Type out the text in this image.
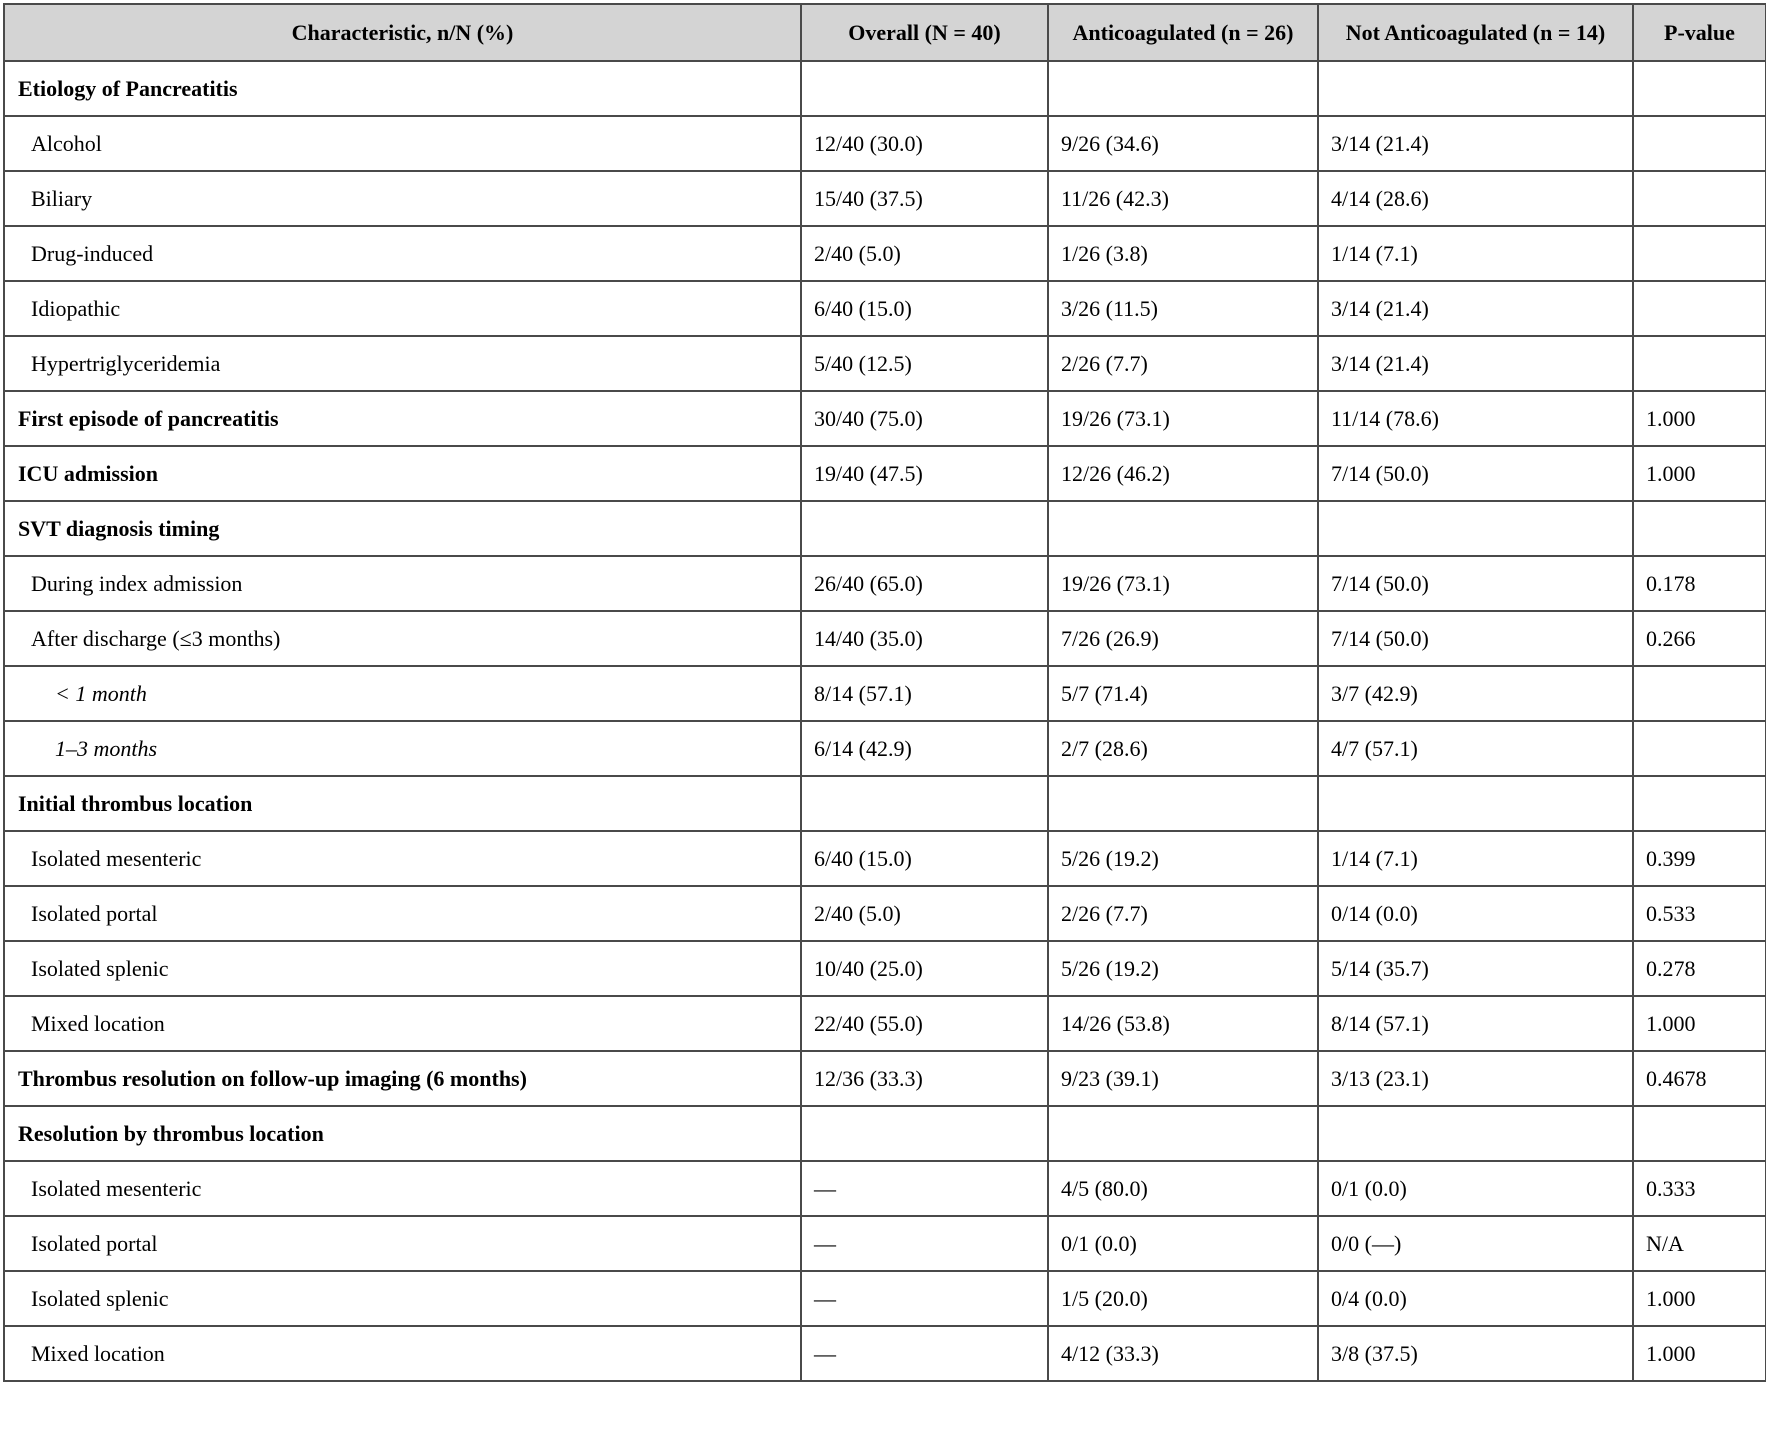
Characteristic, n/N (%)	Overall (N = 40)	Anticoagulated (n = 26)	Not Anticoagulated (n = 14)	P-value
Etiology of Pancreatitis				
Alcohol	12/40 (30.0)	9/26 (34.6)	3/14 (21.4)	
Biliary	15/40 (37.5)	11/26 (42.3)	4/14 (28.6)	
Drug-induced	2/40 (5.0)	1/26 (3.8)	1/14 (7.1)	
Idiopathic	6/40 (15.0)	3/26 (11.5)	3/14 (21.4)	
Hypertriglyceridemia	5/40 (12.5)	2/26 (7.7)	3/14 (21.4)	
First episode of pancreatitis	30/40 (75.0)	19/26 (73.1)	11/14 (78.6)	1.000
ICU admission	19/40 (47.5)	12/26 (46.2)	7/14 (50.0)	1.000
SVT diagnosis timing				
During index admission	26/40 (65.0)	19/26 (73.1)	7/14 (50.0)	0.178
After discharge (≤3 months)	14/40 (35.0)	7/26 (26.9)	7/14 (50.0)	0.266
< 1 month	8/14 (57.1)	5/7 (71.4)	3/7 (42.9)	
1–3 months	6/14 (42.9)	2/7 (28.6)	4/7 (57.1)	
Initial thrombus location				
Isolated mesenteric	6/40 (15.0)	5/26 (19.2)	1/14 (7.1)	0.399
Isolated portal	2/40 (5.0)	2/26 (7.7)	0/14 (0.0)	0.533
Isolated splenic	10/40 (25.0)	5/26 (19.2)	5/14 (35.7)	0.278
Mixed location	22/40 (55.0)	14/26 (53.8)	8/14 (57.1)	1.000
Thrombus resolution on follow-up imaging (6 months)	12/36 (33.3)	9/23 (39.1)	3/13 (23.1)	0.4678
Resolution by thrombus location				
Isolated mesenteric	—	4/5 (80.0)	0/1 (0.0)	0.333
Isolated portal	—	0/1 (0.0)	0/0 (—)	N/A
Isolated splenic	—	1/5 (20.0)	0/4 (0.0)	1.000
Mixed location	—	4/12 (33.3)	3/8 (37.5)	1.000
